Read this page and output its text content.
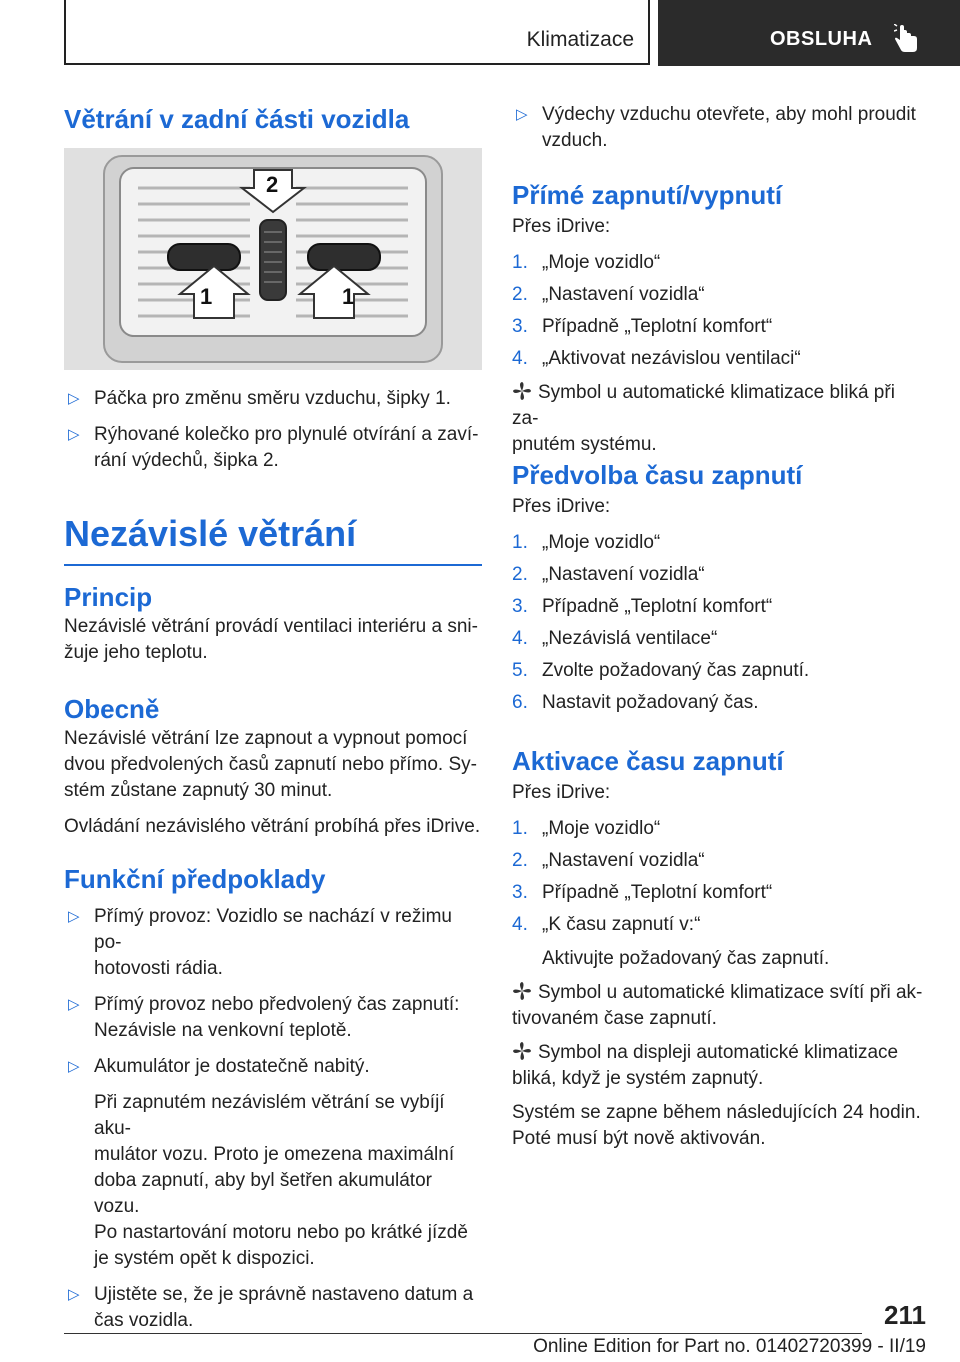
Klimatizace	OBSLUHA
Větrání v zadní části vozidla
1	1
2
▷ Páčka pro změnu směru vzduchu, šipky 1.
▷ Rýhované kolečko pro plynulé otvírání a zaví-
rání výdechů, šipka 2.
Nezávislé větrání
Princip

Nezávislé větrání provádí ventilaci interiéru a sni-
žuje jeho teplotu.

Obecně

Nezávislé větrání lze zapnout a vypnout pomocí
dvou předvolených časů zapnutí nebo přímo. Sy-
stém zůstane zapnutý 30 minut.

Ovládání nezávislého větrání probíhá přes iDrive.

Funkční předpoklady
▷ Přímý provoz: Vozidlo se nachází v režimu po-
hotovosti rádia.
▷ Přímý provoz nebo předvolený čas zapnutí:
Nezávisle na venkovní teplotě.
▷ Akumulátor je dostatečně nabitý.

Při zapnutém nezávislém větrání se vybíjí aku-
mulátor vozu. Proto je omezena maximální
doba zapnutí, aby byl šetřen akumulátor vozu.
Po nastartování motoru nebo po krátké jízdě
je systém opět k dispozici.

▷ Ujistěte se, že je správně nastaveno datum a
čas vozidla.
▷ Výdechy vzduchu otevřete, aby mohl proudit
vzduch.
Přímé zapnutí/vypnutí

Přes iDrive:

1. „Moje vozidlo“
2. „Nastavení vozidla“
3. Případně „Teplotní komfort“
4. „Aktivovat nezávislou ventilaci“

Symbol u automatické klimatizace bliká při za-
pnutém systému.

Předvolba času zapnutí

Přes iDrive:

1. „Moje vozidlo“
2. „Nastavení vozidla“
3. Případně „Teplotní komfort“
4. „Nezávislá ventilace“
5. Zvolte požadovaný čas zapnutí.
6. Nastavit požadovaný čas.
Aktivace času zapnutí

Přes iDrive:

1. „Moje vozidlo“
2. „Nastavení vozidla“
3. Případně „Teplotní komfort“
4. „K času zapnutí v:“

Aktivujte požadovaný čas zapnutí.

Symbol u automatické klimatizace svítí při ak-
tivovaném čase zapnutí.

Symbol na displeji automatické klimatizace
bliká, když je systém zapnutý.

Systém se zapne během následujících 24 hodin.
Poté musí být nově aktivován.

211
Online Edition for Part no. 01402720399 - II/19
